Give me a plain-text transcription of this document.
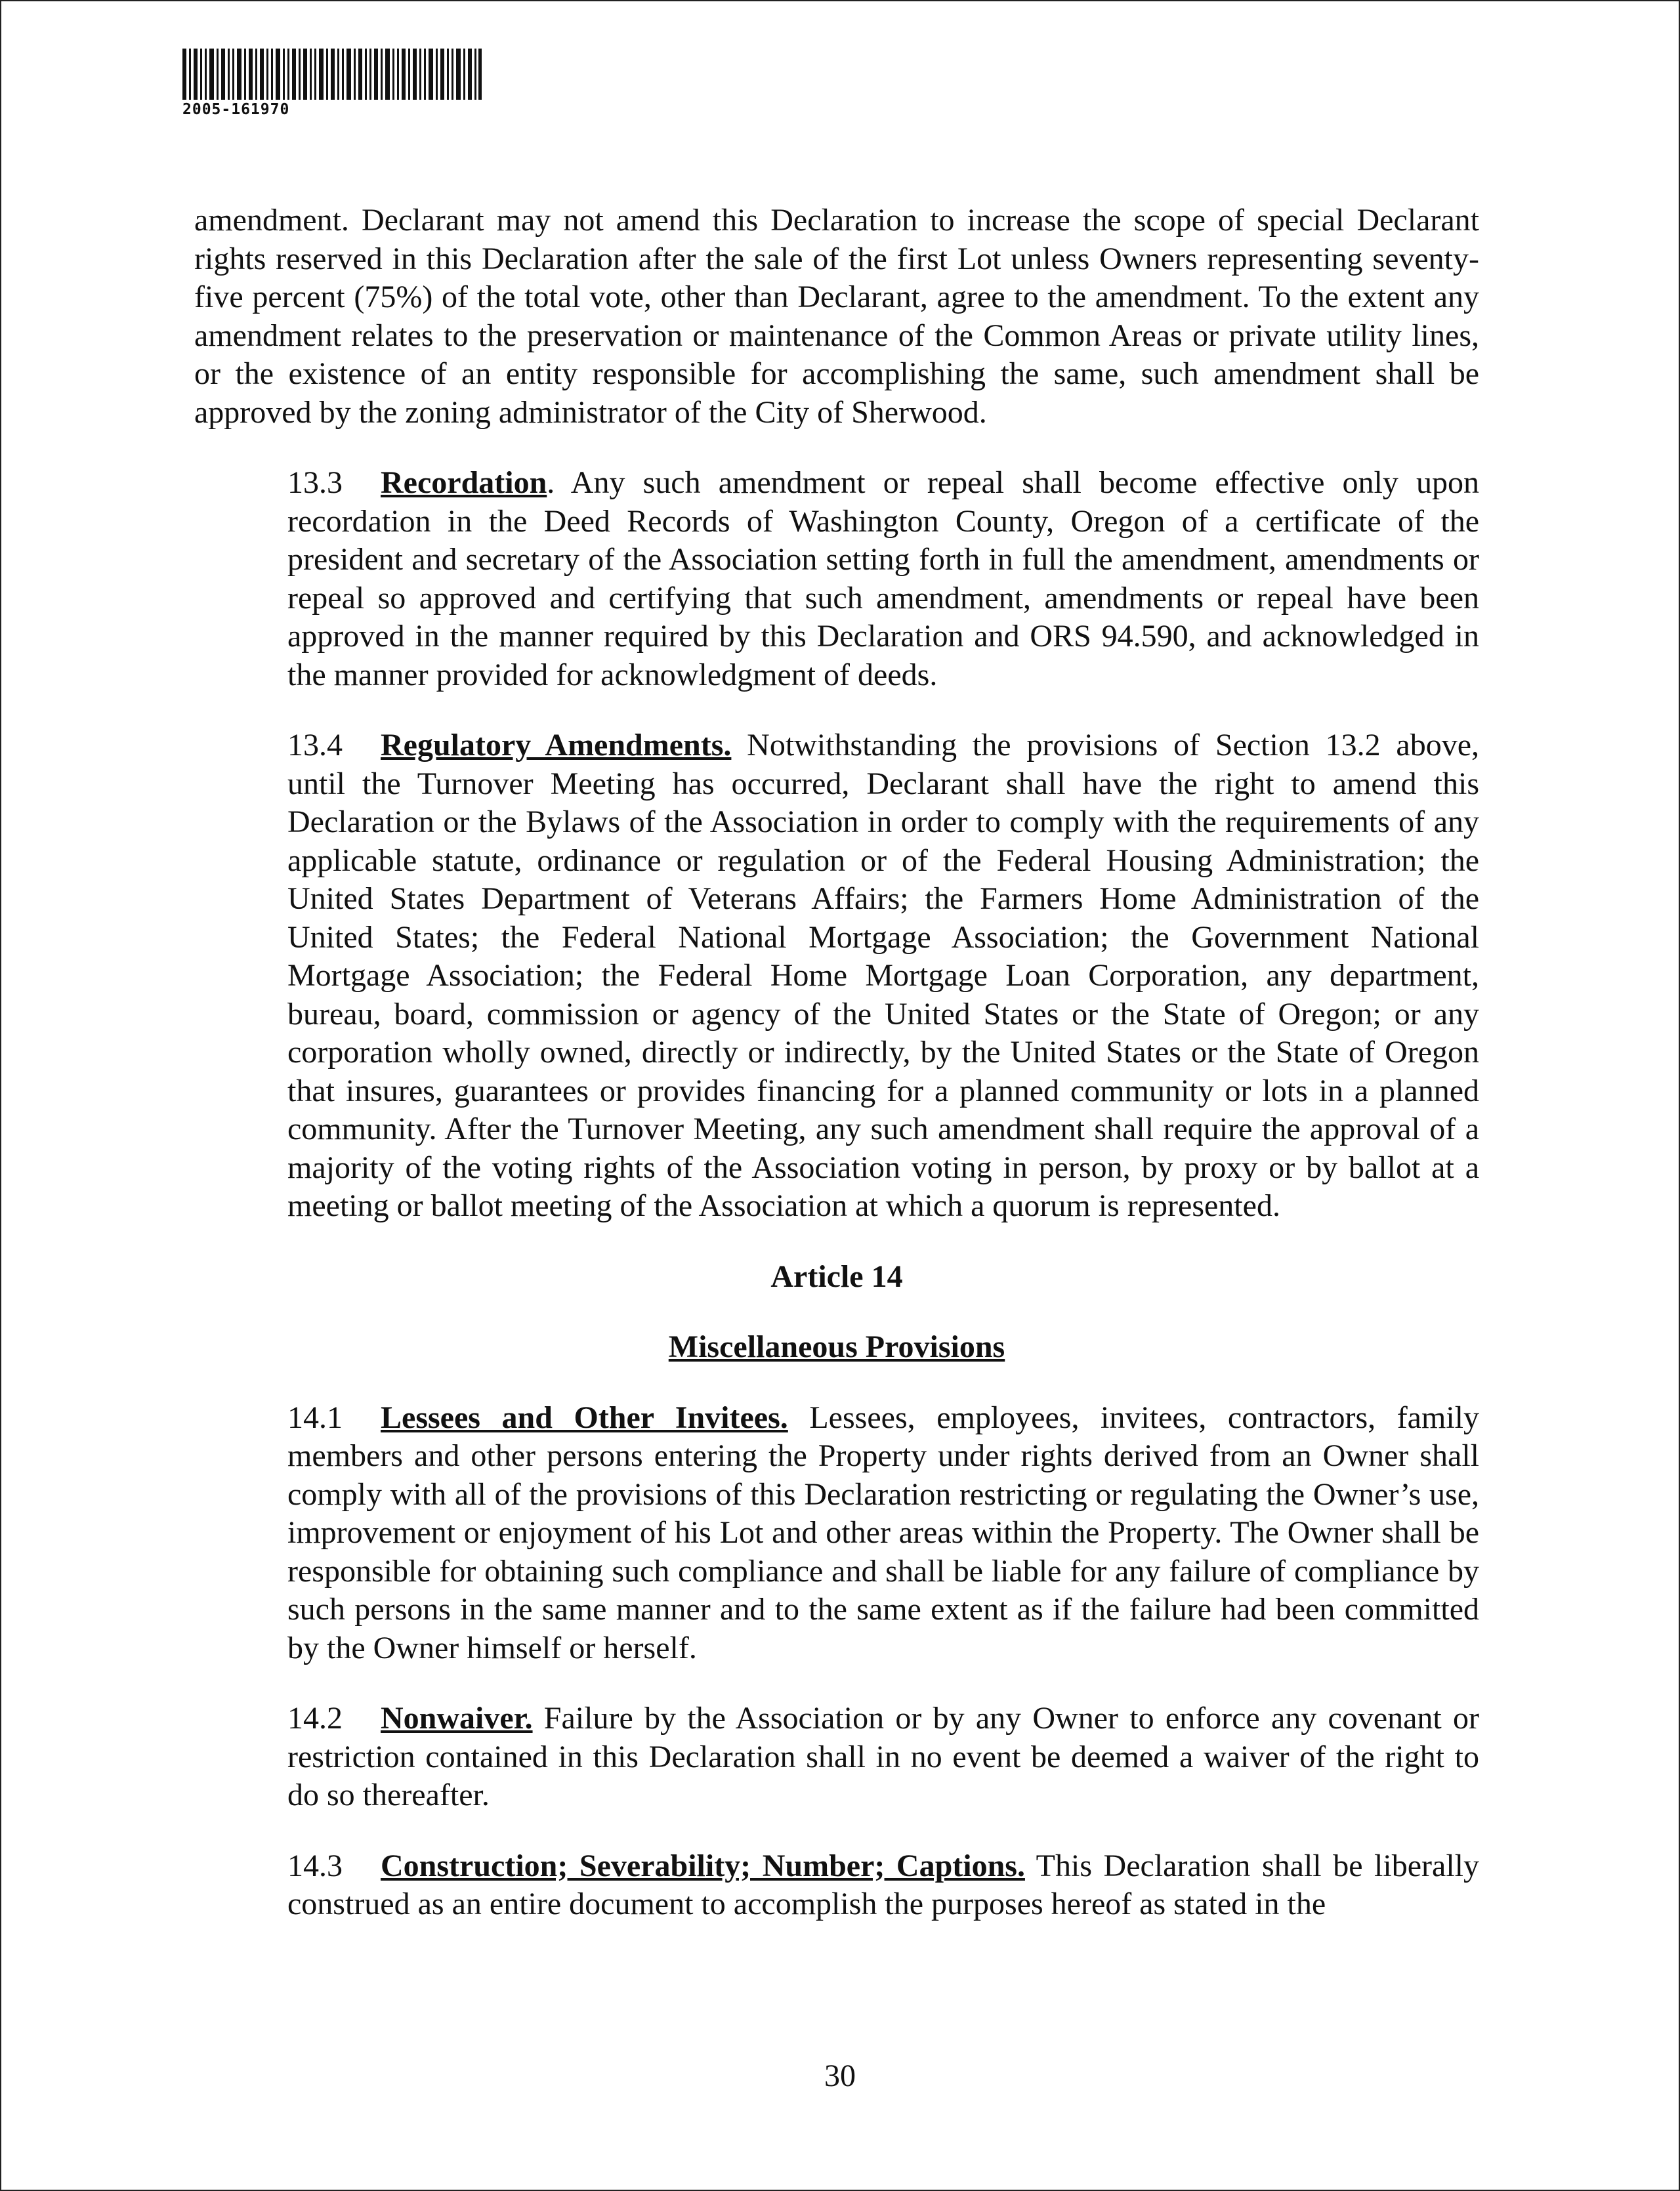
2005-161970

amendment. Declarant may not amend this Declaration to increase the scope of special Declarant rights reserved in this Declaration after the sale of the first Lot unless Owners representing seventy-five percent (75%) of the total vote, other than Declarant, agree to the amendment. To the extent any amendment relates to the preservation or maintenance of the Common Areas or private utility lines, or the existence of an entity responsible for accomplishing the same, such amendment shall be approved by the zoning administrator of the City of Sherwood.

13.3 Recordation. Any such amendment or repeal shall become effective only upon recordation in the Deed Records of Washington County, Oregon of a certificate of the president and secretary of the Association setting forth in full the amendment, amendments or repeal so approved and certifying that such amendment, amendments or repeal have been approved in the manner required by this Declaration and ORS 94.590, and acknowledged in the manner provided for acknowledgment of deeds.

13.4 Regulatory Amendments. Notwithstanding the provisions of Section 13.2 above, until the Turnover Meeting has occurred, Declarant shall have the right to amend this Declaration or the Bylaws of the Association in order to comply with the requirements of any applicable statute, ordinance or regulation or of the Federal Housing Administration; the United States Department of Veterans Affairs; the Farmers Home Administration of the United States; the Federal National Mortgage Association; the Government National Mortgage Association; the Federal Home Mortgage Loan Corporation, any department, bureau, board, commission or agency of the United States or the State of Oregon; or any corporation wholly owned, directly or indirectly, by the United States or the State of Oregon that insures, guarantees or provides financing for a planned community or lots in a planned community. After the Turnover Meeting, any such amendment shall require the approval of a majority of the voting rights of the Association voting in person, by proxy or by ballot at a meeting or ballot meeting of the Association at which a quorum is represented.

Article 14
Miscellaneous Provisions

14.1 Lessees and Other Invitees. Lessees, employees, invitees, contractors, family members and other persons entering the Property under rights derived from an Owner shall comply with all of the provisions of this Declaration restricting or regulating the Owner’s use, improvement or enjoyment of his Lot and other areas within the Property. The Owner shall be responsible for obtaining such compliance and shall be liable for any failure of compliance by such persons in the same manner and to the same extent as if the failure had been committed by the Owner himself or herself.

14.2 Nonwaiver. Failure by the Association or by any Owner to enforce any covenant or restriction contained in this Declaration shall in no event be deemed a waiver of the right to do so thereafter.

14.3 Construction; Severability; Number; Captions. This Declaration shall be liberally construed as an entire document to accomplish the purposes hereof as stated in the

30
